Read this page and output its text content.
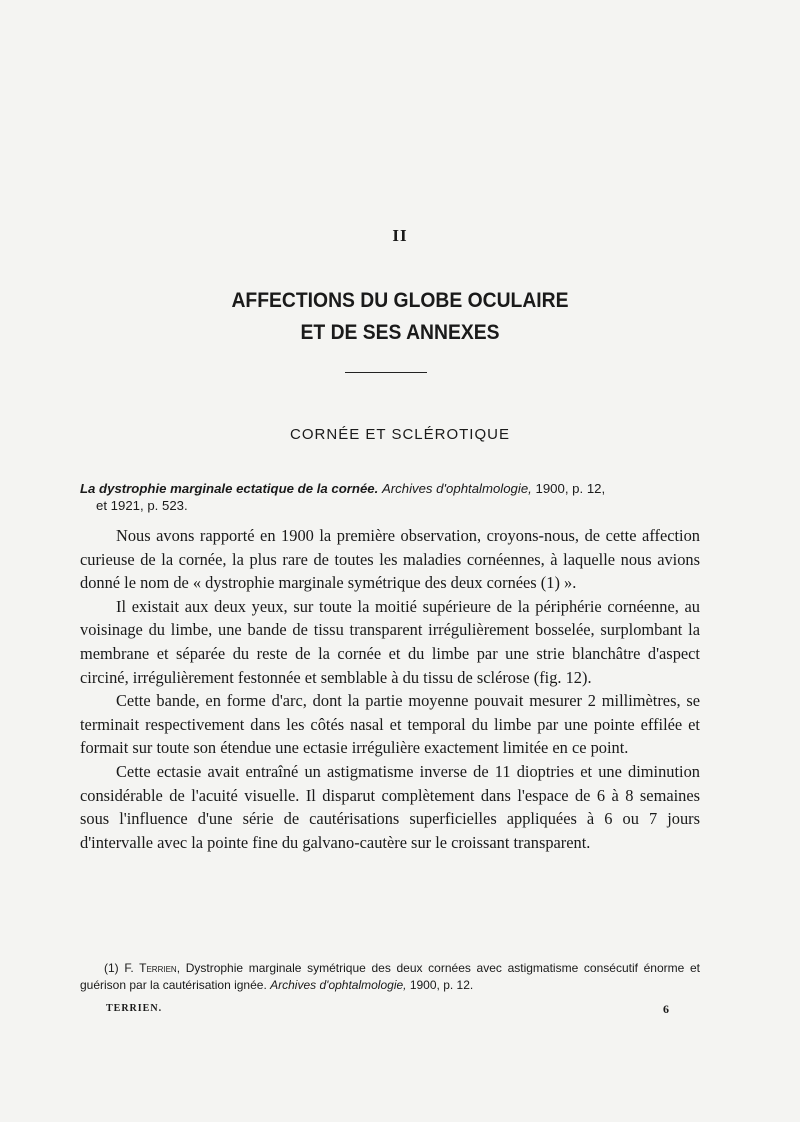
II
AFFECTIONS DU GLOBE OCULAIRE
ET DE SES ANNEXES
CORNÉE ET SCLÉROTIQUE
La dystrophie marginale ectatique de la cornée. Archives d'ophtalmologie, 1900, p. 12,
et 1921, p. 523.

Nous avons rapporté en 1900 la première observation, croyons-nous, de cette affection curieuse de la cornée, la plus rare de toutes les maladies cornéennes, à laquelle nous avions donné le nom de « dystrophie marginale symétrique des deux cornées (1) ».

Il existait aux deux yeux, sur toute la moitié supérieure de la périphérie cornéenne, au voisinage du limbe, une bande de tissu transparent irrégulièrement bosselée, surplombant la membrane et séparée du reste de la cornée et du limbe par une strie blanchâtre d'aspect circiné, irrégulièrement festonnée et semblable à du tissu de sclérose (fig. 12).

Cette bande, en forme d'arc, dont la partie moyenne pouvait mesurer 2 millimètres, se terminait respectivement dans les côtés nasal et temporal du limbe par une pointe effilée et formait sur toute son étendue une ectasie irrégulière exactement limitée en ce point.

Cette ectasie avait entraîné un astigmatisme inverse de 11 dioptries et une diminution considérable de l'acuité visuelle. Il disparut complètement dans l'espace de 6 à 8 semaines sous l'influence d'une série de cautérisations superficielles appliquées à 6 ou 7 jours d'intervalle avec la pointe fine du galvano-cautère sur le croissant transparent.

(1) F. Terrien, Dystrophie marginale symétrique des deux cornées avec astigmatisme consécutif énorme et guérison par la cautérisation ignée. Archives d'ophtalmologie, 1900, p. 12.
TERRIEN.	6
